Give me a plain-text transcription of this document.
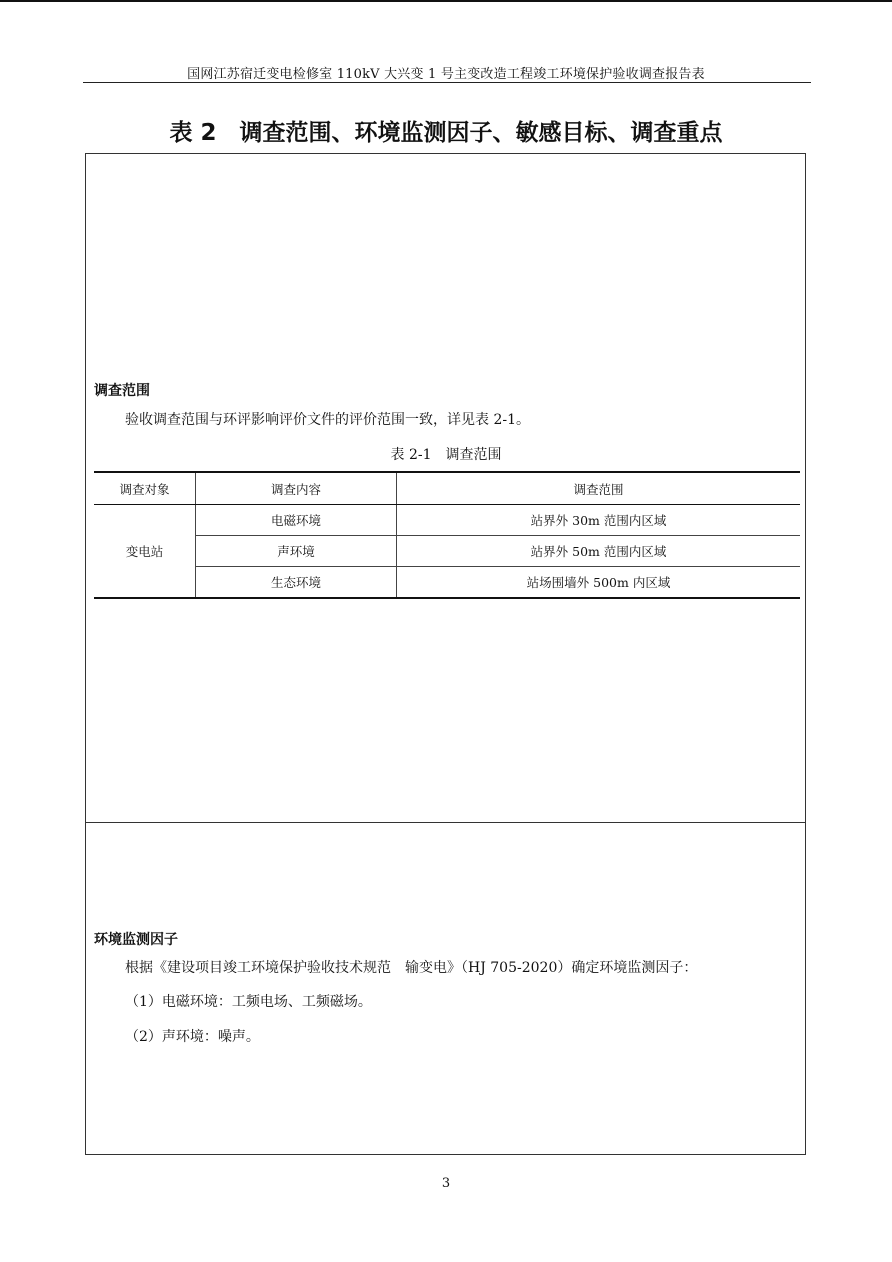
国网江苏宿迁变电检修室 110kV 大兴变 1 号主变改造工程竣工环境保护验收调查报告表
表 2　调查范围、环境监测因子、敏感目标、调查重点
调查范围
验收调查范围与环评影响评价文件的评价范围一致，详见表 2-1。
表 2-1　调查范围
调查对象	调查内容	调查范围
变电站	电磁环境	站界外 30m 范围内区域
	声环境	站界外 50m 范围内区域
	生态环境	站场围墙外 500m 内区域
环境监测因子
根据《建设项目竣工环境保护验收技术规范　输变电》（HJ 705-2020）确定环境监测因子：
（1）电磁环境：工频电场、工频磁场。
（2）声环境：噪声。
3
